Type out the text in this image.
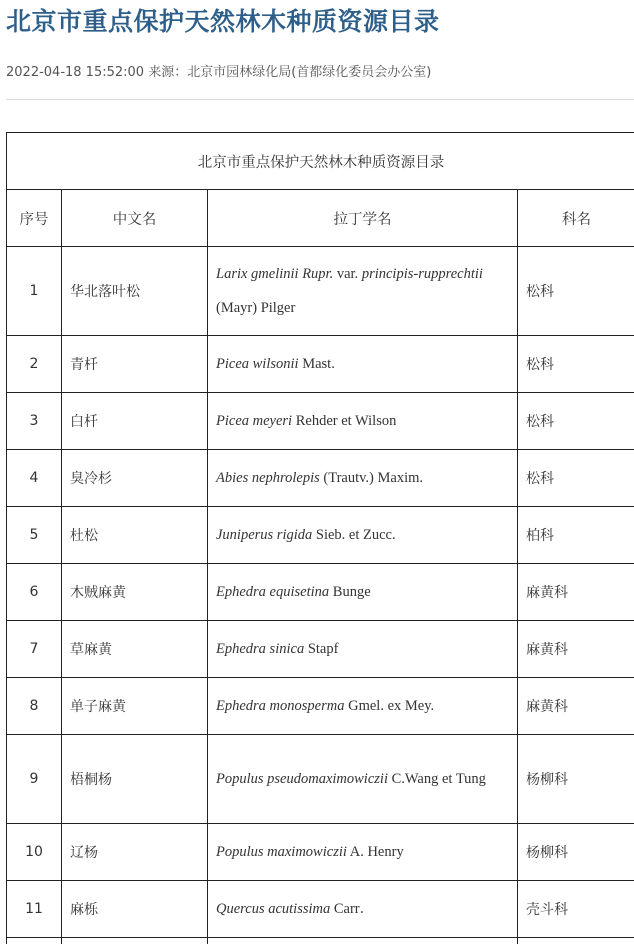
北京市重点保护天然林木种质资源目录
2022-04-18 15:52:00 来源：北京市园林绿化局(首都绿化委员会办公室)
北京市重点保护天然林木种质资源目录			
序号	中文名	拉丁学名	科名
1	华北落叶松	Larix gmelinii Rupr. var. principis-rupprechtii (Mayr) Pilger	松科
2	青杄	Picea wilsonii Mast.	松科
3	白杄	Picea meyeri Rehder et Wilson	松科
4	臭冷杉	Abies nephrolepis (Trautv.) Maxim.	松科
5	杜松	Juniperus rigida Sieb. et Zucc.	柏科
6	木贼麻黄	Ephedra equisetina Bunge	麻黄科
7	草麻黄	Ephedra sinica Stapf	麻黄科
8	单子麻黄	Ephedra monosperma Gmel. ex Mey.	麻黄科
9	梧桐杨	Populus pseudomaximowiczii C.Wang et Tung	杨柳科
10	辽杨	Populus maximowiczii A. Henry	杨柳科
11	麻栎	Quercus acutissima Carr．	壳斗科
